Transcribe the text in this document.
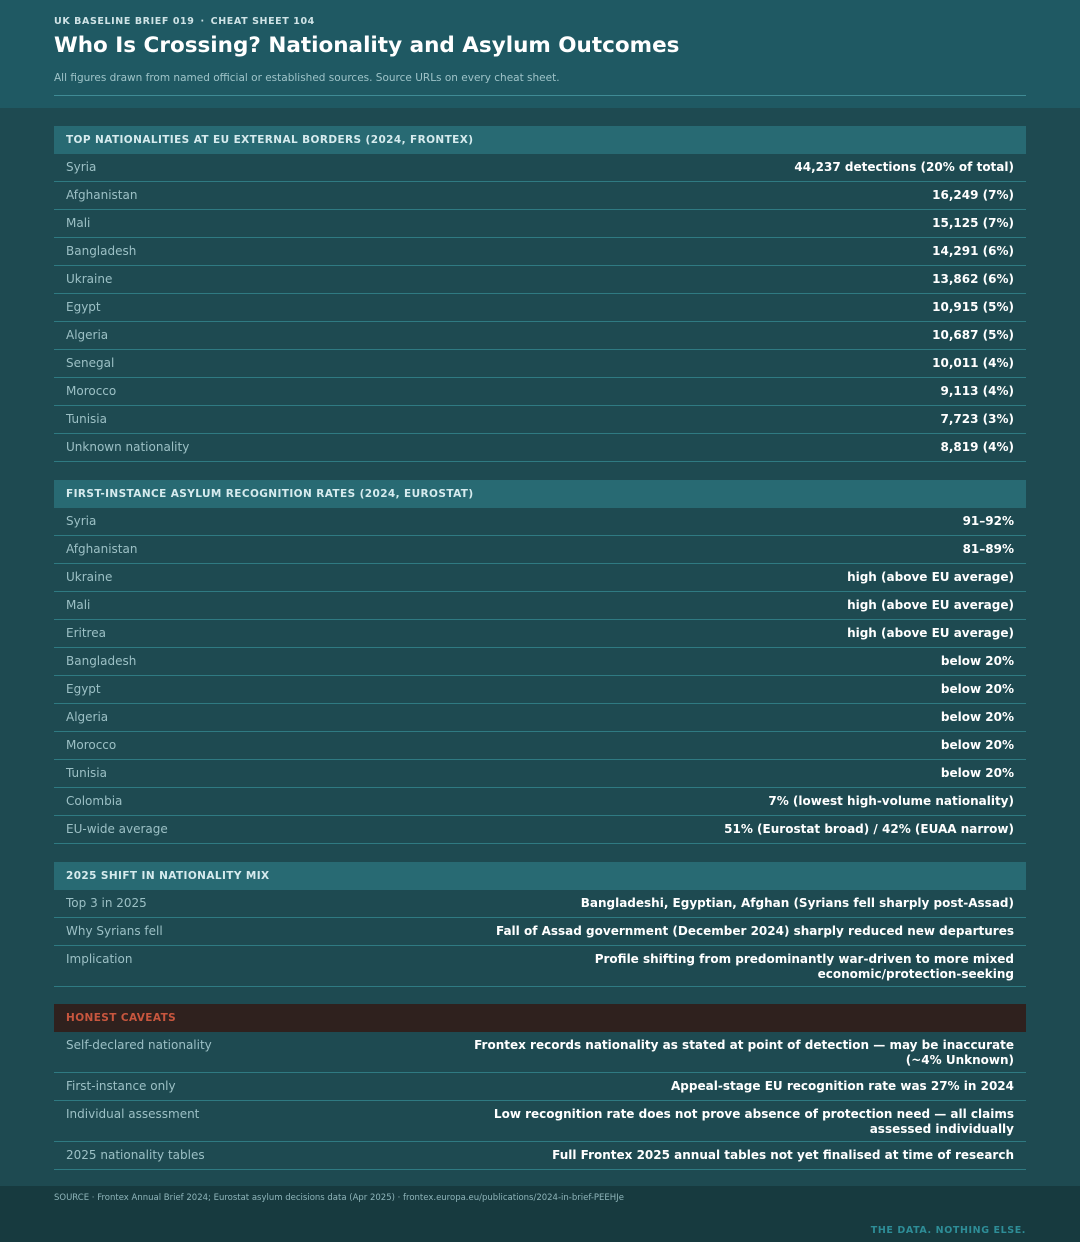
UK BASELINE BRIEF 019 · CHEAT SHEET 104
Who Is Crossing? Nationality and Asylum Outcomes
All figures drawn from named official or established sources. Source URLs on every cheat sheet.
TOP NATIONALITIES AT EU EXTERNAL BORDERS (2024, FRONTEX)
Syria	44,237 detections (20% of total)
Afghanistan	16,249 (7%)
Mali	15,125 (7%)
Bangladesh	14,291 (6%)
Ukraine	13,862 (6%)
Egypt	10,915 (5%)
Algeria	10,687 (5%)
Senegal	10,011 (4%)
Morocco	9,113 (4%)
Tunisia	7,723 (3%)
Unknown nationality	8,819 (4%)
FIRST-INSTANCE ASYLUM RECOGNITION RATES (2024, EUROSTAT)
Syria	91–92%
Afghanistan	81–89%
Ukraine	high (above EU average)
Mali	high (above EU average)
Eritrea	high (above EU average)
Bangladesh	below 20%
Egypt	below 20%
Algeria	below 20%
Morocco	below 20%
Tunisia	below 20%
Colombia	7% (lowest high-volume nationality)
EU-wide average	51% (Eurostat broad) / 42% (EUAA narrow)
2025 SHIFT IN NATIONALITY MIX
Top 3 in 2025	Bangladeshi, Egyptian, Afghan (Syrians fell sharply post-Assad)
Why Syrians fell	Fall of Assad government (December 2024) sharply reduced new departures
Implication	Profile shifting from predominantly war-driven to more mixed economic/protection-seeking
HONEST CAVEATS
Self-declared nationality	Frontex records nationality as stated at point of detection — may be inaccurate (~4% Unknown)
First-instance only	Appeal-stage EU recognition rate was 27% in 2024
Individual assessment	Low recognition rate does not prove absence of protection need — all claims assessed individually
2025 nationality tables	Full Frontex 2025 annual tables not yet finalised at time of research
SOURCE · Frontex Annual Brief 2024; Eurostat asylum decisions data (Apr 2025) · frontex.europa.eu/publications/2024-in-brief-PEEHJe
THE DATA. NOTHING ELSE.
